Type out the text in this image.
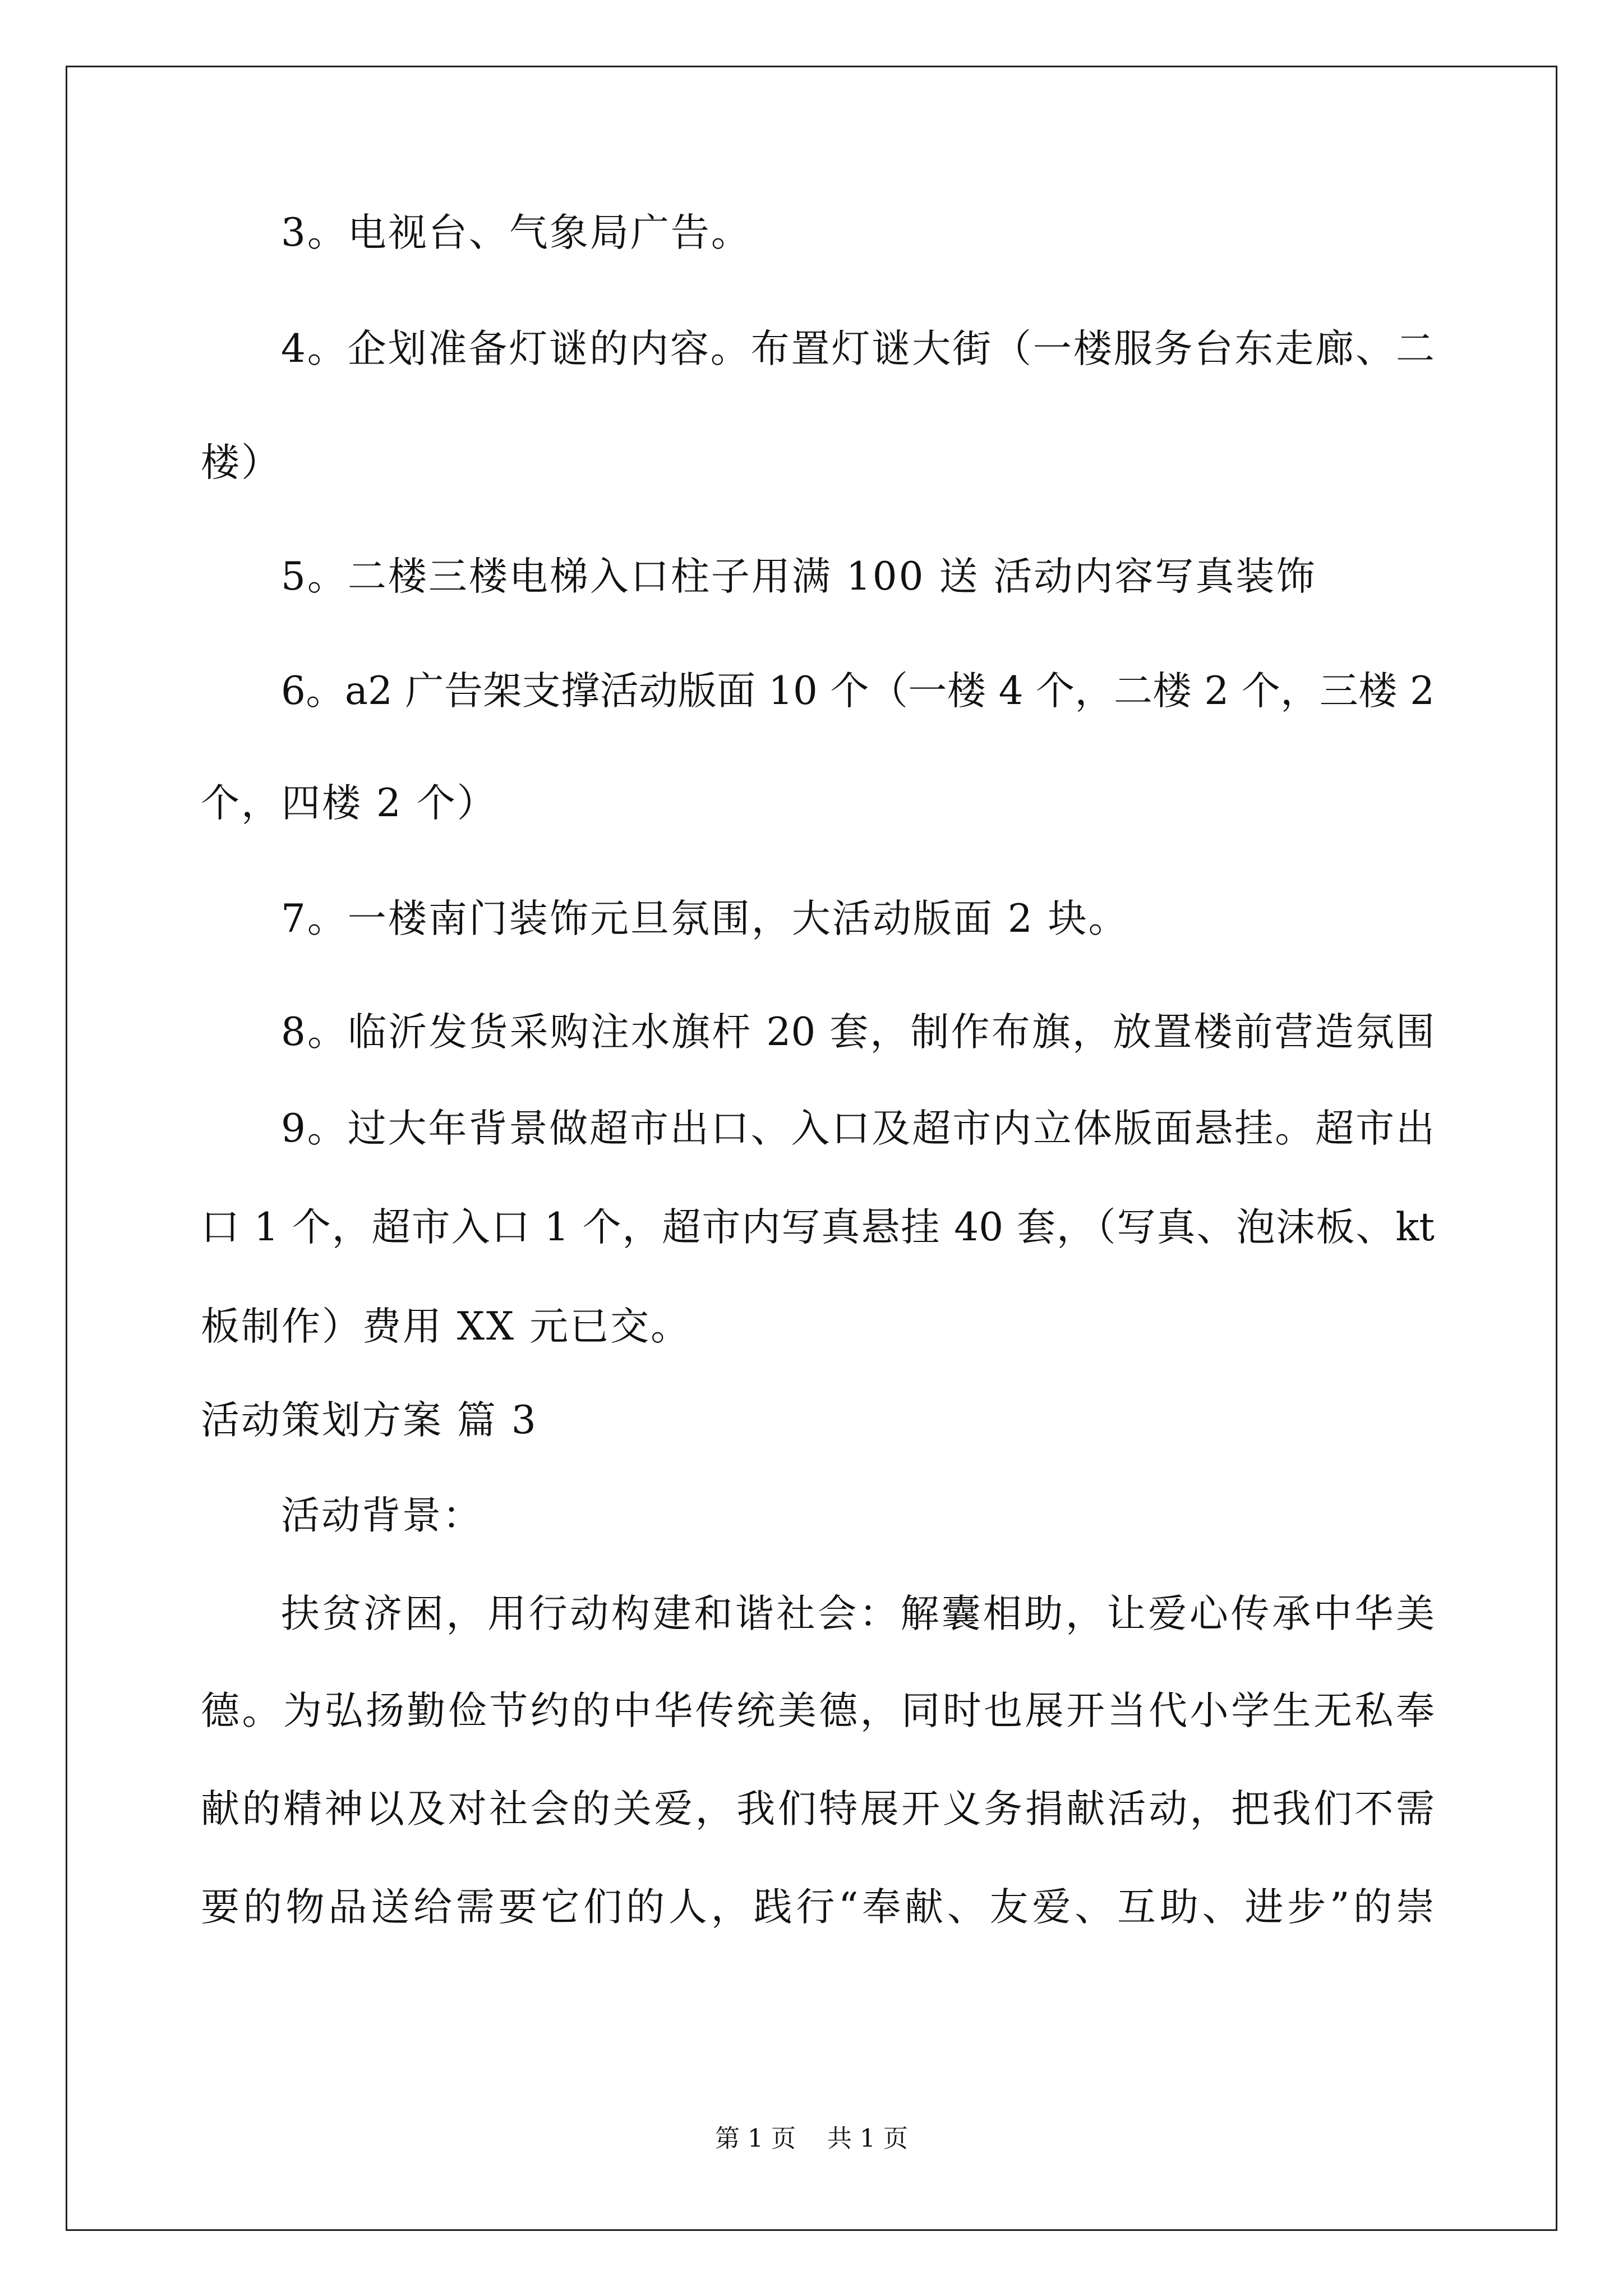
3。电视台、气象局广告。
4。企划准备灯谜的内容。布置灯谜大街（一楼服务台东走廊、二
楼）
5。二楼三楼电梯入口柱子用满 100 送 活动内容写真装饰
6。a2 广告架支撑活动版面 10 个（一楼 4 个，二楼 2 个，三楼 2
个，四楼 2 个）
7。一楼南门装饰元旦氛围，大活动版面 2 块。
8。临沂发货采购注水旗杆 20 套，制作布旗，放置楼前营造氛围
9。过大年背景做超市出口、入口及超市内立体版面悬挂。超市出
口 1 个，超市入口 1 个，超市内写真悬挂 40 套，（写真、泡沫板、kt
板制作）费用 XX 元已交。
活动策划方案 篇 3
活动背景：
扶贫济困，用行动构建和谐社会：解囊相助，让爱心传承中华美
德。为弘扬勤俭节约的中华传统美德，同时也展开当代小学生无私奉
献的精神以及对社会的关爱，我们特展开义务捐献活动，把我们不需
要的物品送给需要它们的人，践行“奉献、友爱、互助、进步”的崇
第 1 页    共 1 页
